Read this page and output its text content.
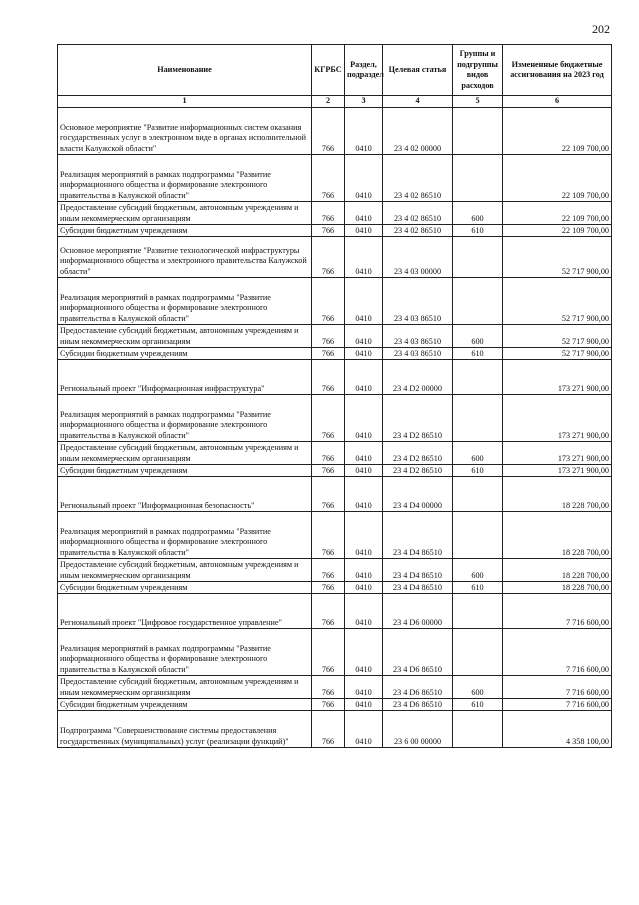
202
Наименование	КГРБС	Раздел, подраздел	Целевая статья	Группы и подгруппы видов расходов	Измененные бюджетные ассигнования на 2023 год
1	2	3	4	5	6
Основное мероприятие "Развитие информационных систем оказания государственных услуг в электронном виде в органах исполнительной власти Калужской области"	766	0410	23 4 02 00000		22 109 700,00
Реализация мероприятий в рамках подпрограммы "Развитие информационного общества и формирование электронного правительства в Калужской области"	766	0410	23 4 02 86510		22 109 700,00
Предоставление субсидий бюджетным, автономным учреждениям и иным некоммерческим организациям	766	0410	23 4 02 86510	600	22 109 700,00
Субсидии бюджетным учреждениям	766	0410	23 4 02 86510	610	22 109 700,00
Основное мероприятие "Развитие технологической инфраструктуры информационного общества и электронного правительства Калужской области"	766	0410	23 4 03 00000		52 717 900,00
Реализация мероприятий в рамках подпрограммы "Развитие информационного общества и формирование электронного правительства в Калужской области"	766	0410	23 4 03 86510		52 717 900,00
Предоставление субсидий бюджетным, автономным учреждениям и иным некоммерческим организациям	766	0410	23 4 03 86510	600	52 717 900,00
Субсидии бюджетным учреждениям	766	0410	23 4 03 86510	610	52 717 900,00
Региональный проект "Информационная инфраструктура"	766	0410	23 4 D2 00000		173 271 900,00
Реализация мероприятий в рамках подпрограммы "Развитие информационного общества и формирование электронного правительства в Калужской области"	766	0410	23 4 D2 86510		173 271 900,00
Предоставление субсидий бюджетным, автономным учреждениям и иным некоммерческим организациям	766	0410	23 4 D2 86510	600	173 271 900,00
Субсидии бюджетным учреждениям	766	0410	23 4 D2 86510	610	173 271 900,00
Региональный проект "Информационная безопасность"	766	0410	23 4 D4 00000		18 228 700,00
Реализация мероприятий в рамках подпрограммы "Развитие информационного общества и формирование электронного правительства в Калужской области"	766	0410	23 4 D4 86510		18 228 700,00
Предоставление субсидий бюджетным, автономным учреждениям и иным некоммерческим организациям	766	0410	23 4 D4 86510	600	18 228 700,00
Субсидии бюджетным учреждениям	766	0410	23 4 D4 86510	610	18 228 700,00
Региональный проект "Цифровое государственное управление"	766	0410	23 4 D6 00000		7 716 600,00
Реализация мероприятий в рамках подпрограммы "Развитие информационного общества и формирование электронного правительства в Калужской области"	766	0410	23 4 D6 86510		7 716 600,00
Предоставление субсидий бюджетным, автономным учреждениям и иным некоммерческим организациям	766	0410	23 4 D6 86510	600	7 716 600,00
Субсидии бюджетным учреждениям	766	0410	23 4 D6 86510	610	7 716 600,00
Подпрограмма "Совершенствование системы предоставления государственных (муниципальных) услуг (реализации функций)"	766	0410	23 6 00 00000		4 358 100,00
